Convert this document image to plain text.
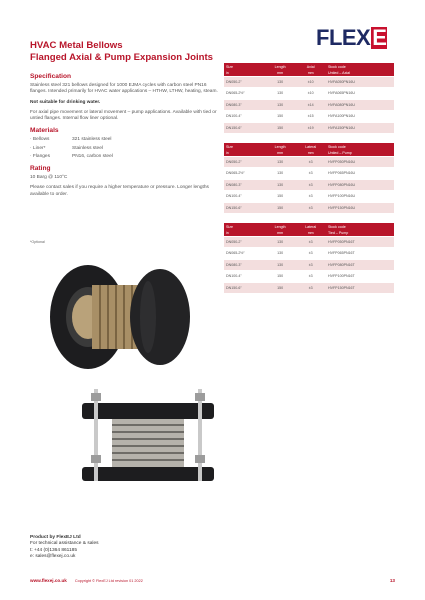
HVAC Metal Bellows
Flanged Axial & Pump Expansion Joints
FLEX E
Specification
Stainless steel 321 bellows designed for 1000 EJMA cycles with carbon steel PN16 flanges. Intended primarily for HVAC water applications – HTHW, LTHW, heating, steam.
Not suitable for drinking water.
For axial pipe movement or lateral movement – pump applications. Available with tied or untied flanges. Internal flow liner optional.
Materials
· Bellows	321 stainless steel
· Liner*	Stainless steel
· Flanges	PN16, carbon steel
Rating
10 Barg @ 110°C
Please contact sales if you require a higher temperature or pressure. Longer lengths available to order.
*Optional
Size	Length	Axial	Stock code
in	mm	mm	Untied – Axial
DN050-2"	130	±10	HVFA050PN16U
DN065-2½"	130	±10	HVFA065PN16U
DN080-3"	130	±14	HVFA080PN16U
DN100-4"	150	±15	HVFA100PN16U
DN150-6"	150	±19	HVFA150PN16U
Size	Length	Lateral	Stock code
in	mm	mm	Untied – Pump
DN050-2"	130	±3	HVFP050PN16U
DN065-2½"	130	±3	HVFP065PN16U
DN080-3"	130	±3	HVFP080PN16U
DN100-4"	150	±3	HVFP100PN16U
DN150-6"	150	±3	HVFP150PN16U
Size	Length	Lateral	Stock code
in	mm	mm	Tied – Pump
DN050-2"	130	±3	HVFP050PN16T
DN065-2½"	130	±3	HVFP065PN16T
DN080-3"	130	±3	HVFP080PN16T
DN100-4"	150	±3	HVFP100PN16T
DN150-6"	150	±3	HVFP150PN16T
Product by FlexEJ Ltd
For technical assistance & sales
t: +44 (0)1364 861185
e: sales@flexej.co.uk
www.flexej.co.uk Copyright © FlexEJ Ltd revision 01 2022	13
